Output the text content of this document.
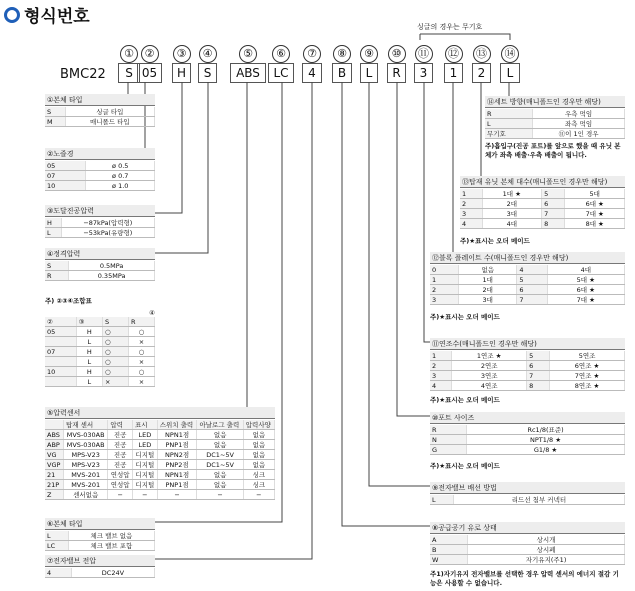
형식번호
BMC22
싱글의 경우는 무기호
S
①
05
②
H
③
S
④
ABS
⑤
LC
⑥
4
⑦
B
⑧
L
⑨
R
⑩
3
⑪
1
⑫
2
⑬
L
⑭
①본체 타입
S	싱글 타입
M	매니폴드 타입
②노즐경
05	ø 0.5
07	ø 0.7
10	ø 1.0
③도달진공압력
H	−87kPa(압력형)
L	−53kPa(유량형)
④정격압력
S	0.5MPa
R	0.35MPa
주) ②③④조합표
④
②	③	S	R
05	H	○	○
	L	○	×
07	H	○	○
	L	○	×
10	H	○	○
	L	×	×
⑤압력센서
	탑재 센서	압력	표시	스위치 출력	아날로그 출력	압력사양
ABS	MVS-030AB	진공	LED	NPN1점	없음	없음
ABP	MVS-030AB	진공	LED	PNP1점	없음	없음
VG	MPS-V23	진공	디지털	NPN2점	DC1~5V	없음
VGP	MPS-V23	진공	디지털	PNP2점	DC1~5V	없음
21	MVS-201	연성압	디지털	NPN1점	없음	싱크
21P	MVS-201	연성압	디지털	PNP1점	없음	싱크
Z	센서없음	−	−	−	−	−
⑥본체 타입
L	체크 밸브 없음
LC	체크 밸브 포함
⑦전자밸브 전압
4	DC24V
⑭세트 방향(매니폴드인 경우만 해당)
R	우측 먹임
L	좌측 먹임
무기호	⑪이 1인 경우
주)흡입구(진공 포트)를 앞으로 했을 때 유닛 본체가 좌측 배출·우측 배출이 됩니다.
⑬탑재 유닛 본체 대수(매니폴드인 경우만 해당)
1	1대 ★	5	5대
2	2대	6	6대 ★
3	3대	7	7대 ★
4	4대	8	8대 ★
주)★표시는 오더 메이드
⑫블록 플레이트 수(매니폴드인 경우만 해당)
0	없음	4	4대
1	1대	5	5대 ★
2	2대	6	6대 ★
3	3대	7	7대 ★
주)★표시는 오더 메이드
⑪연조수(매니폴드인 경우만 해당)
1	1연조 ★	5	5연조
2	2연조	6	6연조 ★
3	3연조	7	7연조 ★
4	4연조	8	8연조 ★
주)★표시는 오더 메이드
⑩포트 사이즈
R	Rc1/8(표준)
N	NPT1/8 ★
G	G1/8 ★
주)★표시는 오더 메이드
⑨전자밸브 배선 방법
L	리드선 첨부 커넥터
⑧공급공기 유로 상태
A	상시개
B	상시폐
W	자기유지(주1)
주1)자기유지 전자밸브를 선택한 경우 압력 센서의 에너지 절감 기능은 사용할 수 없습니다.
